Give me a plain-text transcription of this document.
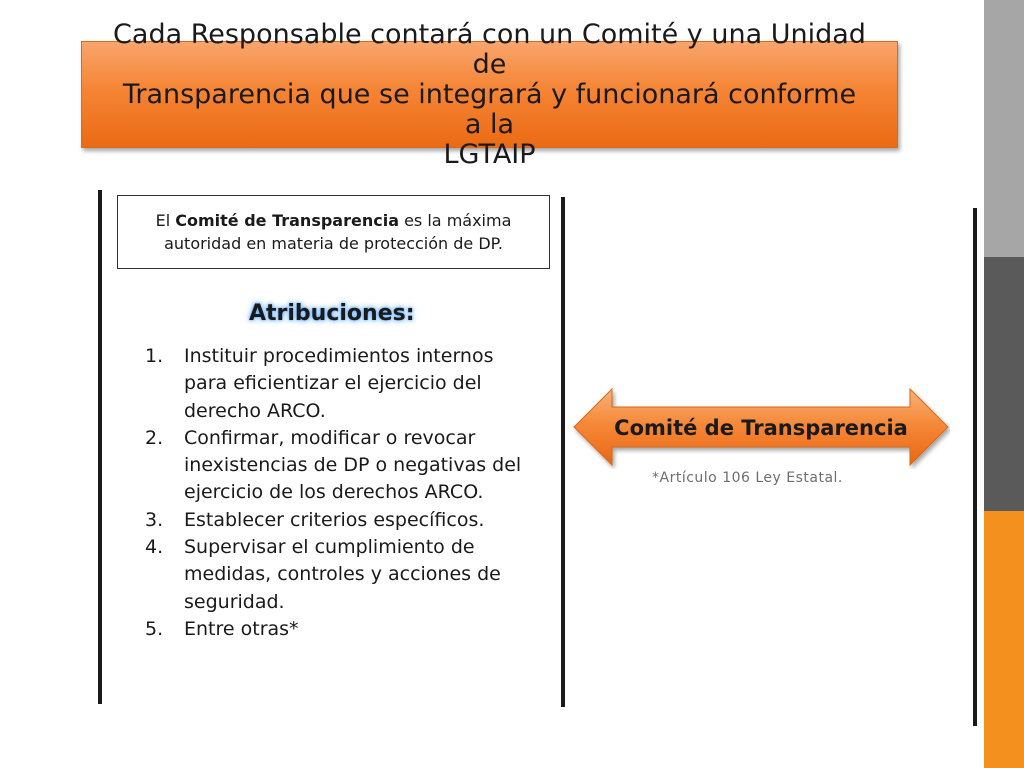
Cada Responsable contará con un Comité y una Unidad de
Transparencia que se integrará y funcionará conforme a la
LGTAIP
El Comité de Transparencia es la máxima autoridad en materia de protección de DP.
Atribuciones:
1. Instituir procedimientos internos para eficientizar el ejercicio del derecho ARCO.
2. Confirmar, modificar o revocar inexistencias de DP o negativas del ejercicio de los derechos ARCO.
3. Establecer criterios específicos.
4. Supervisar el cumplimiento de medidas, controles y acciones de seguridad.
5. Entre otras*
Comité de Transparencia
*Artículo 106 Ley Estatal.
